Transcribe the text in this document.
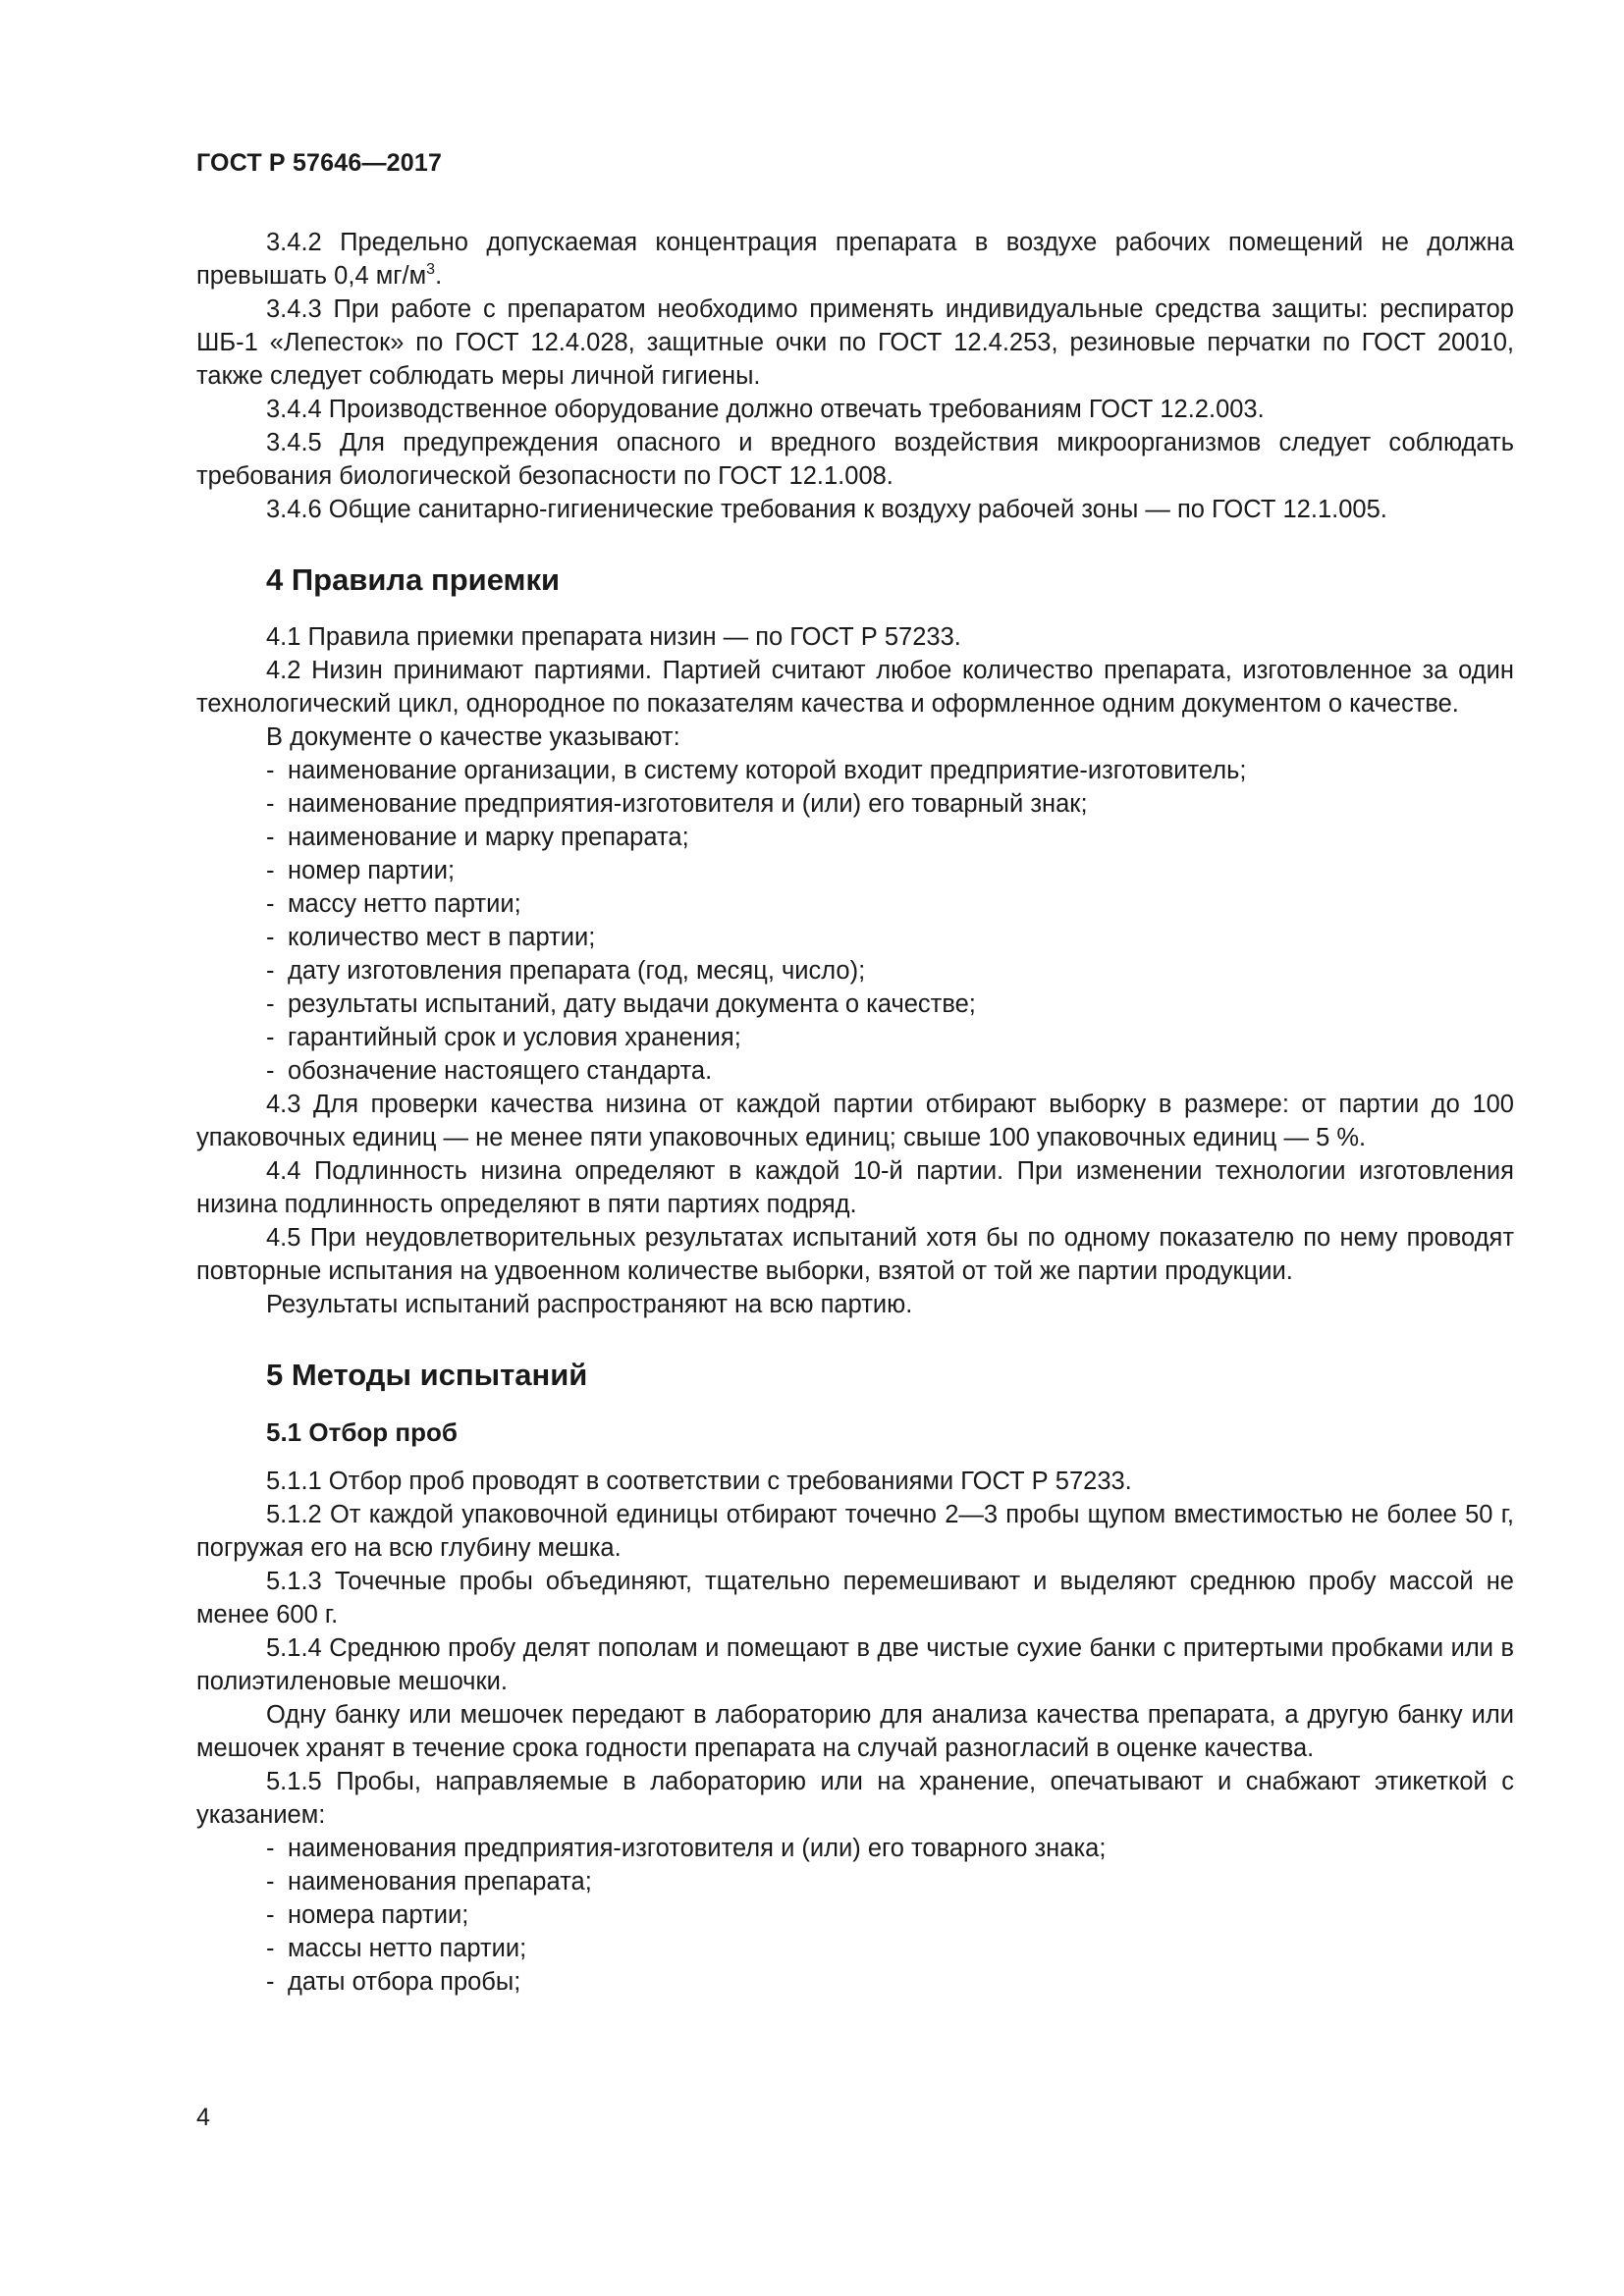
ГОСТ Р 57646—2017

3.4.2 Предельно допускаемая концентрация препарата в воздухе рабочих помещений не должна превышать 0,4 $мг/м^3$.

3.4.3 При работе с препаратом необходимо применять индивидуальные средства защиты: респиратор ШБ-1 «Лепесток» по ГОСТ 12.4.028, защитные очки по ГОСТ 12.4.253, резиновые перчатки по ГОСТ 20010, также следует соблюдать меры личной гигиены.

3.4.4 Производственное оборудование должно отвечать требованиям ГОСТ 12.2.003.

3.4.5 Для предупреждения опасного и вредного воздействия микроорганизмов следует соблюдать требования биологической безопасности по ГОСТ 12.1.008.

3.4.6 Общие санитарно-гигиенические требования к воздуху рабочей зоны — по ГОСТ 12.1.005.

4 Правила приемки

4.1 Правила приемки препарата низин — по ГОСТ Р 57233.

4.2 Низин принимают партиями. Партией считают любое количество препарата, изготовленное за один технологический цикл, однородное по показателям качества и оформленное одним документом о качестве.

В документе о качестве указывают:

- наименование организации, в систему которой входит предприятие-изготовитель;
- наименование предприятия-изготовителя и (или) его товарный знак;
- наименование и марку препарата;
- номер партии;
- массу нетто партии;
- количество мест в партии;
- дату изготовления препарата (год, месяц, число);
- результаты испытаний, дату выдачи документа о качестве;
- гарантийный срок и условия хранения;
- обозначение настоящего стандарта.

4.3 Для проверки качества низина от каждой партии отбирают выборку в размере: от партии до 100 упаковочных единиц — не менее пяти упаковочных единиц; свыше 100 упаковочных единиц — 5 %.

4.4 Подлинность низина определяют в каждой 10-й партии. При изменении технологии изготовления низина подлинность определяют в пяти партиях подряд.

4.5 При неудовлетворительных результатах испытаний хотя бы по одному показателю по нему проводят повторные испытания на удвоенном количестве выборки, взятой от той же партии продукции.

Результаты испытаний распространяют на всю партию.

5 Методы испытаний
5.1 Отбор проб

5.1.1 Отбор проб проводят в соответствии с требованиями ГОСТ Р 57233.

5.1.2 От каждой упаковочной единицы отбирают точечно 2—3 пробы щупом вместимостью не более 50 г, погружая его на всю глубину мешка.

5.1.3 Точечные пробы объединяют, тщательно перемешивают и выделяют среднюю пробу массой не менее 600 г.

5.1.4 Среднюю пробу делят пополам и помещают в две чистые сухие банки с притертыми пробками или в полиэтиленовые мешочки.

Одну банку или мешочек передают в лабораторию для анализа качества препарата, а другую банку или мешочек хранят в течение срока годности препарата на случай разногласий в оценке качества.

5.1.5 Пробы, направляемые в лабораторию или на хранение, опечатывают и снабжают этикеткой с указанием:

- наименования предприятия-изготовителя и (или) его товарного знака;
- наименования препарата;
- номера партии;
- массы нетто партии;
- даты отбора пробы;
4
